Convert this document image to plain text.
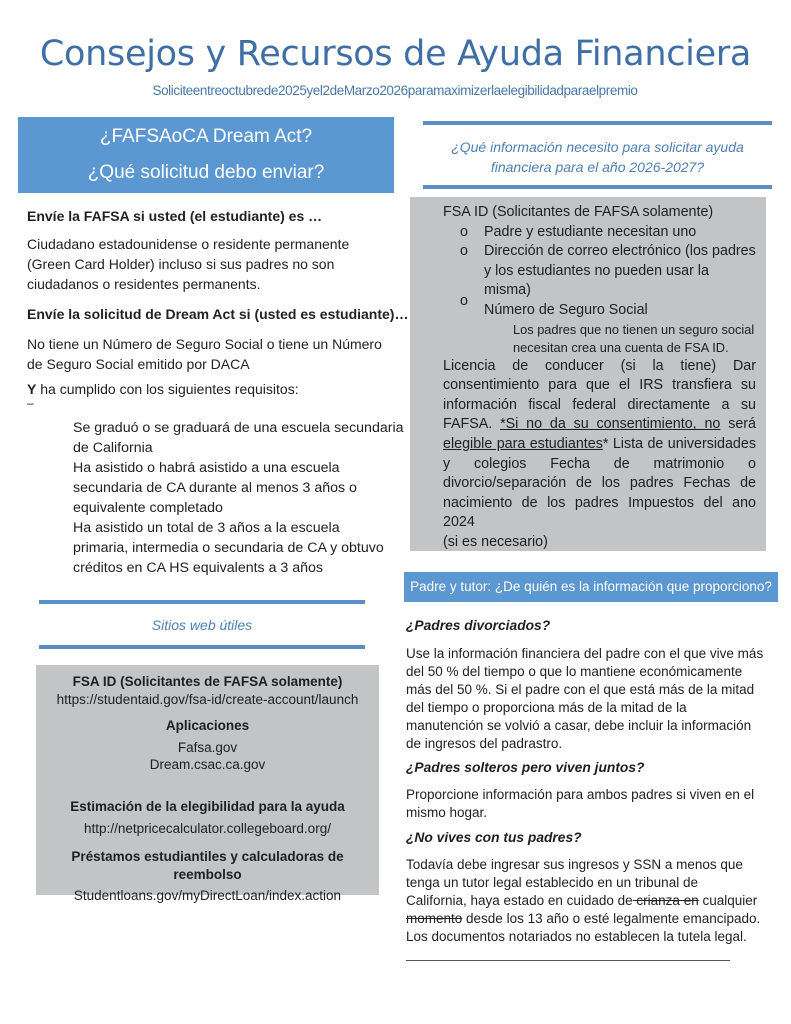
Consejos y Recursos de Ayuda Financiera
Soliciteentreoctubrede2025yel2deMarzo2026paramaximizerlaelegibilidadparaelpremio
¿FAFSAoCA Dream Act?
¿Qué solicitud debo enviar?
Envíe la FAFSA si usted (el estudiante) es …
Ciudadano estadounidense o residente permanente
(Green Card Holder) incluso si sus padres no son
ciudadanos o residentes permanents.
Envíe la solicitud de Dream Act si (usted es estudiante)…
No tiene un Número de Seguro Social o tiene un Número
de Seguro Social emitido por DACA
Y ha cumplido con los siguientes requisitos:
–
Se graduó o se graduará de una escuela secundaria
de California
Ha asistido o habrá asistido a una escuela
secundaria de CA durante al menos 3 años o
equivalente completado
Ha asistido un total de 3 años a la escuela
primaria, intermedia o secundaria de CA y obtuvo
créditos en CA HS equivalents a 3 años
Sitios web útiles
FSA ID (Solicitantes de FAFSA solamente)
https://studentaid.gov/fsa-id/create-account/launch
Aplicaciones
Fafsa.gov
Dream.csac.ca.gov
Estimación de la elegibilidad para la ayuda
http://netpricecalculator.collegeboard.org/
Préstamos estudiantiles y calculadoras de reembolso
Studentloans.gov/myDirectLoan/index.action
¿Qué información necesito para solicitar ayuda
financiera para el año 2026-2027?
FSA ID (Solicitantes de FAFSA solamente)
o Padre y estudiante necesitan uno
o Dirección de correo electrónico (los padres
y los estudiantes no pueden usar la misma)
o
Número de Seguro Social
Los padres que no tienen un seguro social
necesitan crea una cuenta de FSA ID.
Licencia de conducer (si la tiene) Dar
consentimiento para que el IRS transfiera su
información fiscal federal directamente a su
FAFSA. *Si no da su consentimiento, no será
elegible para estudiantes* Lista de universidades
y colegios Fecha de matrimonio o
divorcio/separación de los padres Fechas de
nacimiento de los padres Impuestos del ano 2024
(si es necesario)
Padre y tutor: ¿De quién es la información que proporciono?
¿Padres divorciados?
Use la información financiera del padre con el que vive más
del 50 % del tiempo o que lo mantiene económicamente
más del 50 %. Si el padre con el que está más de la mitad
del tiempo o proporciona más de la mitad de la
manutención se volvió a casar, debe incluir la información
de ingresos del padrastro.
¿Padres solteros pero viven juntos?
Proporcione información para ambos padres si viven en el
mismo hogar.
¿No vives con tus padres?
Todavía debe ingresar sus ingresos y SSN a menos que
tenga un tutor legal establecido en un tribunal de
California, haya estado en cuidado de crianza en cualquier
momento desde los 13 año o esté legalmente emancipado.
Los documentos notariados no establecen la tutela legal.
